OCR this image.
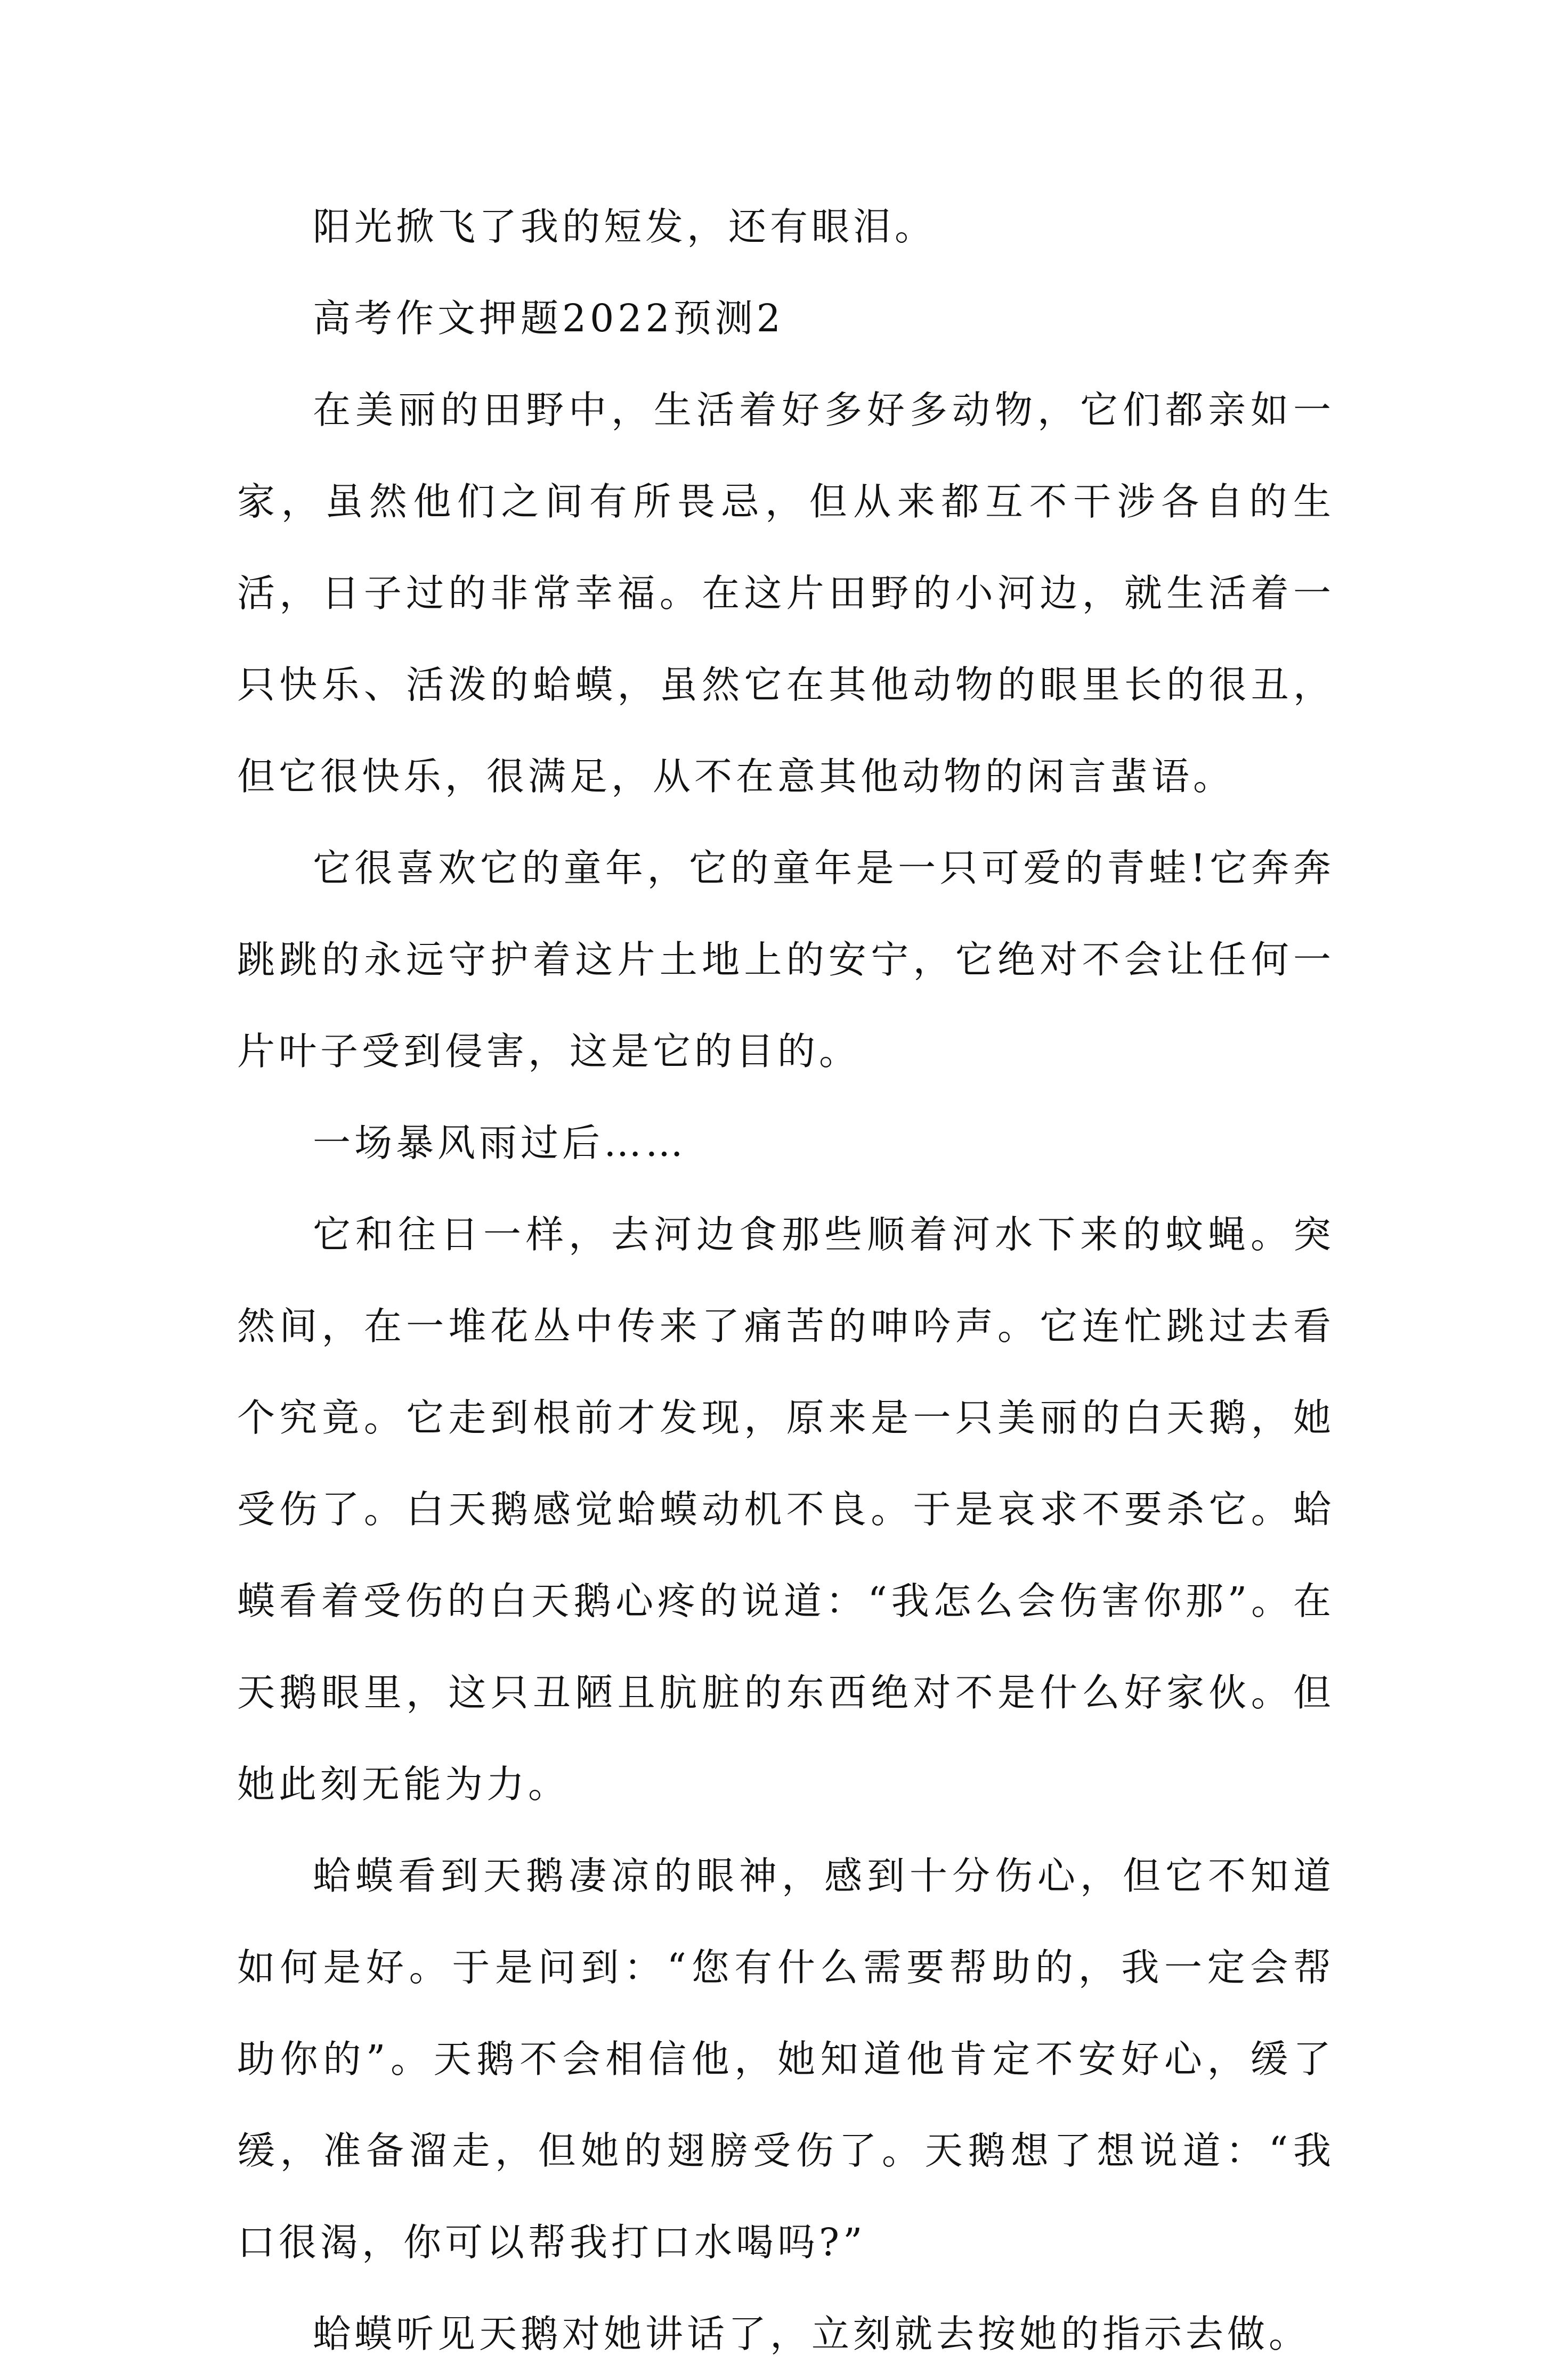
阳光掀飞了我的短发，还有眼泪。

高考作文押题2022预测2

在美丽的田野中，生活着好多好多动物，它们都亲如一家，虽然他们之间有所畏忌，但从来都互不干涉各自的生活，日子过的非常幸福。在这片田野的小河边，就生活着一只快乐、活泼的蛤蟆，虽然它在其他动物的眼里长的很丑，但它很快乐，很满足，从不在意其他动物的闲言蜚语。

它很喜欢它的童年，它的童年是一只可爱的青蛙!它奔奔跳跳的永远守护着这片土地上的安宁，它绝对不会让任何一片叶子受到侵害，这是它的目的。

一场暴风雨过后……

它和往日一样，去河边食那些顺着河水下来的蚊蝇。突然间，在一堆花丛中传来了痛苦的呻吟声。它连忙跳过去看个究竟。它走到根前才发现，原来是一只美丽的白天鹅，她受伤了。白天鹅感觉蛤蟆动机不良。于是哀求不要杀它。蛤蟆看着受伤的白天鹅心疼的说道：“我怎么会伤害你那”。在天鹅眼里，这只丑陋且肮脏的东西绝对不是什么好家伙。但她此刻无能为力。

蛤蟆看到天鹅凄凉的眼神，感到十分伤心，但它不知道如何是好。于是问到：“您有什么需要帮助的，我一定会帮助你的”。天鹅不会相信他，她知道他肯定不安好心，缓了缓，准备溜走，但她的翅膀受伤了。天鹅想了想说道：“我口很渴，你可以帮我打口水喝吗?”

蛤蟆听见天鹅对她讲话了，立刻就去按她的指示去做。
